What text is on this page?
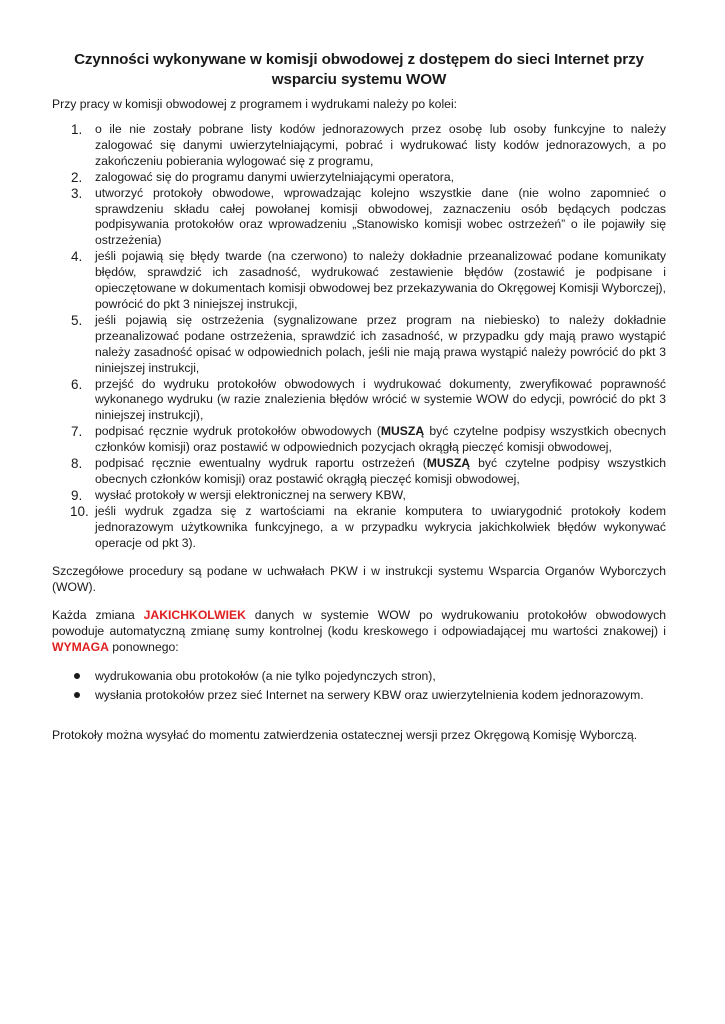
Czynności wykonywane w komisji obwodowej z dostępem do sieci Internet przy
wsparciu systemu WOW

Przy pracy w komisji obwodowej z programem i wydrukami należy po kolei:

1. o ile nie zostały pobrane listy kodów jednorazowych przez osobę lub osoby funkcyjne to należy zalogować się danymi uwierzytelniającymi, pobrać i wydrukować listy kodów jednorazowych, a po zakończeniu pobierania wylogować się z programu,
2. zalogować się do programu danymi uwierzytelniającymi operatora,
3. utworzyć protokoły obwodowe, wprowadzając kolejno wszystkie dane (nie wolno zapomnieć o sprawdzeniu składu całej powołanej komisji obwodowej, zaznaczeniu osób będących podczas podpisywania protokołów oraz wprowadzeniu „Stanowisko komisji wobec ostrzeżeń” o ile pojawiły się ostrzeżenia)
4. jeśli pojawią się błędy twarde (na czerwono) to należy dokładnie przeanalizować podane komunikaty błędów, sprawdzić ich zasadność, wydrukować zestawienie błędów (zostawić je podpisane i opieczętowane w dokumentach komisji obwodowej bez przekazywania do Okręgowej Komisji Wyborczej), powrócić do pkt 3 niniejszej instrukcji,
5. jeśli pojawią się ostrzeżenia (sygnalizowane przez program na niebiesko) to należy dokładnie przeanalizować podane ostrzeżenia, sprawdzić ich zasadność, w przypadku gdy mają prawo wystąpić należy zasadność opisać w odpowiednich polach, jeśli nie mają prawa wystąpić należy powrócić do pkt 3 niniejszej instrukcji,
6. przejść do wydruku protokołów obwodowych i wydrukować dokumenty, zweryfikować poprawność wykonanego wydruku (w razie znalezienia błędów wrócić w systemie WOW do edycji, powrócić do pkt 3 niniejszej instrukcji),
7. podpisać ręcznie wydruk protokołów obwodowych (MUSZĄ być czytelne podpisy wszystkich obecnych członków komisji) oraz postawić w odpowiednich pozycjach okrągłą pieczęć komisji obwodowej,
8. podpisać ręcznie ewentualny wydruk raportu ostrzeżeń (MUSZĄ być czytelne podpisy wszystkich obecnych członków komisji) oraz postawić okrągłą pieczęć komisji obwodowej,
9. wysłać protokoły w wersji elektronicznej na serwery KBW,
10. jeśli wydruk zgadza się z wartościami na ekranie komputera to uwiarygodnić protokoły kodem jednorazowym użytkownika funkcyjnego, a w przypadku wykrycia jakichkolwiek błędów wykonywać operacje od pkt 3).

Szczegółowe procedury są podane w uchwałach PKW i w instrukcji systemu Wsparcia Organów Wyborczych (WOW).

Każda zmiana JAKICHKOLWIEK danych w systemie WOW po wydrukowaniu protokołów obwodowych powoduje automatyczną zmianę sumy kontrolnej (kodu kreskowego i odpowiadającej mu wartości znakowej) i WYMAGA ponownego:

wydrukowania obu protokołów (a nie tylko pojedynczych stron),
wysłania protokołów przez sieć Internet na serwery KBW oraz uwierzytelnienia kodem jednorazowym.

Protokoły można wysyłać do momentu zatwierdzenia ostatecznej wersji przez Okręgową Komisję Wyborczą.
